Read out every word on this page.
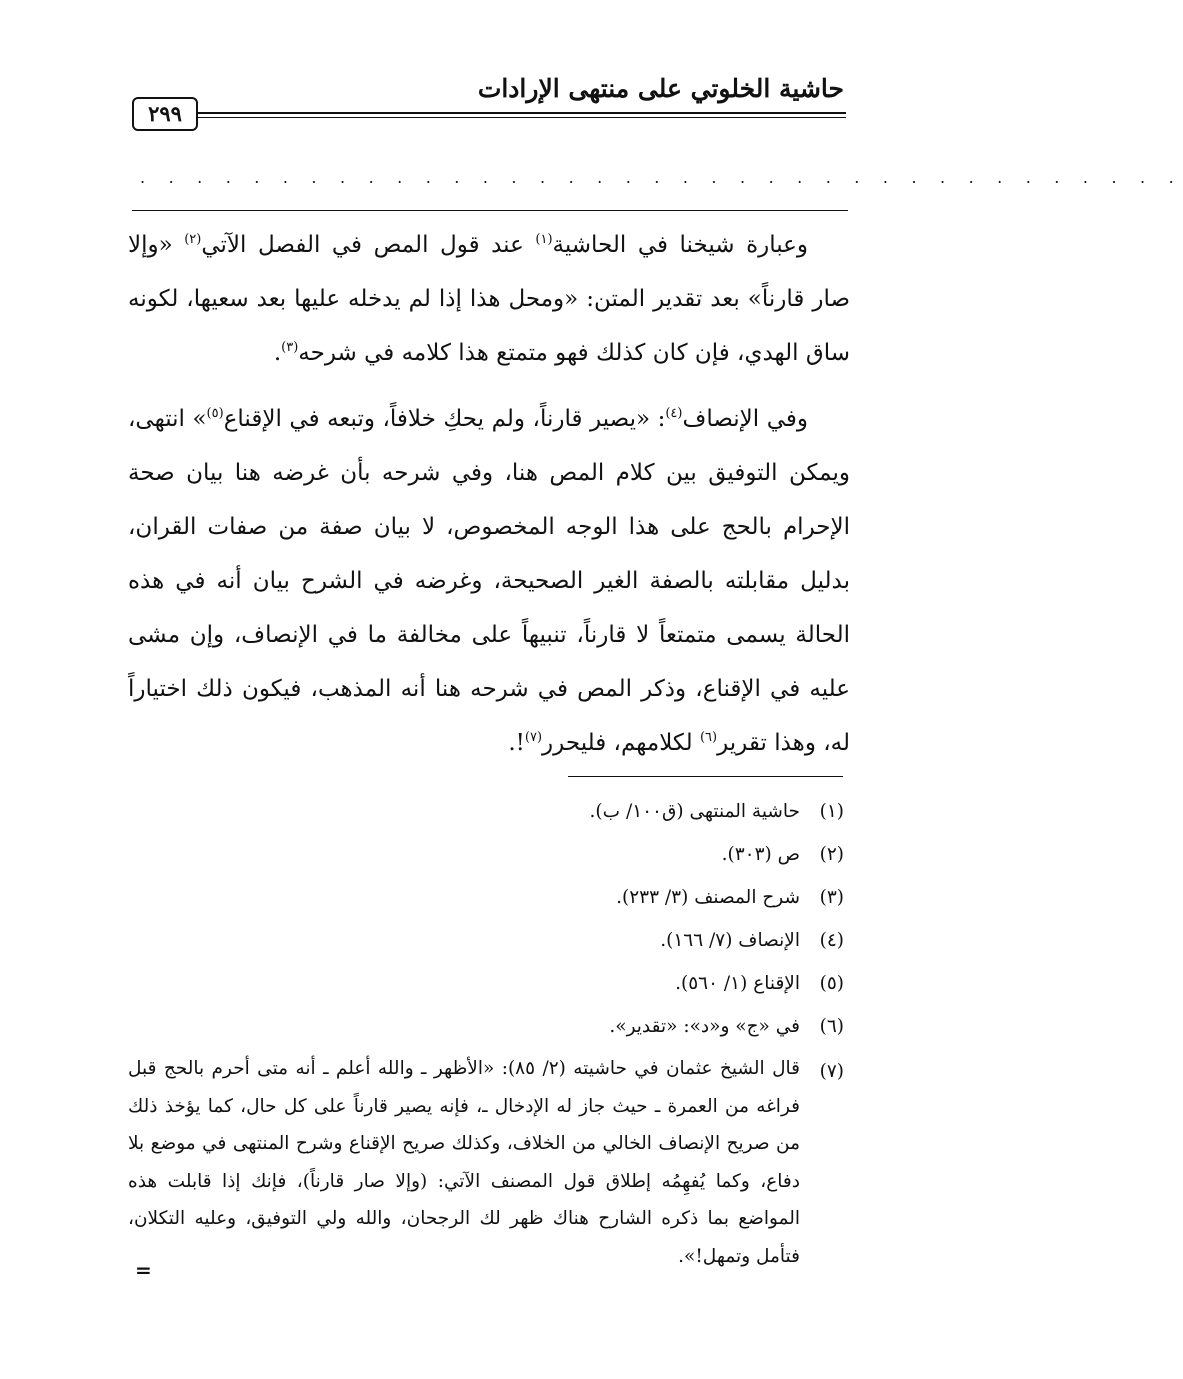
حاشية الخلوتي على منتهى الإرادات
٢٩٩
. . . . . . . . . . . . . . . . . . . . . . . . . . . . . . . . . . . . .

وعبارة شيخنا في الحاشية$^{(١)}$ عند قول المص في الفصل الآتي$^{(٢)}$ «وإلا صار قارناً» بعد تقدير المتن: «ومحل هذا إذا لم يدخله عليها بعد سعيها، لكونه ساق الهدي، فإن كان كذلك فهو متمتع هذا كلامه في شرحه$^{(٣)}$.

وفي الإنصاف$^{(٤)}$: «يصير قارناً، ولم يحكِ خلافاً، وتبعه في الإقناع$^{(٥)}$» انتهى، ويمكن التوفيق بين كلام المص هنا، وفي شرحه بأن غرضه هنا بيان صحة الإحرام بالحج على هذا الوجه المخصوص، لا بيان صفة من صفات القران، بدليل مقابلته بالصفة الغير الصحيحة، وغرضه في الشرح بيان أنه في هذه الحالة يسمى متمتعاً لا قارناً، تنبيهاً على مخالفة ما في الإنصاف، وإن مشى عليه في الإقناع، وذكر المص في شرحه هنا أنه المذهب، فيكون ذلك اختياراً له، وهذا تقرير$^{(٦)}$ لكلامهم، فليحرر$^{(٧)}$!.

(١)
حاشية المنتهى (ق١٠٠/ ب).
(٢)
ص (٣٠٣).
(٣)
شرح المصنف (٣/ ٢٣٣).
(٤)
الإنصاف (٧/ ١٦٦).
(٥)
الإقناع (١/ ٥٦٠).
(٦)
في «ج» و«د»: «تقدير».
(٧)
قال الشيخ عثمان في حاشيته (٢/ ٨٥): «الأظهر ـ والله أعلم ـ أنه متى أحرم بالحج قبل فراغه من العمرة ـ حيث جاز له الإدخال ـ، فإنه يصير قارناً على كل حال، كما يؤخذ ذلك من صريح الإنصاف الخالي من الخلاف، وكذلك صريح الإقناع وشرح المنتهى في موضع بلا دفاع، وكما يُفهِمُه إطلاق قول المصنف الآتي: (وإلا صار قارناً)، فإنك إذا قابلت هذه المواضع بما ذكره الشارح هناك ظهر لك الرجحان، والله ولي التوفيق، وعليه التكلان، فتأمل وتمهل!».
=
